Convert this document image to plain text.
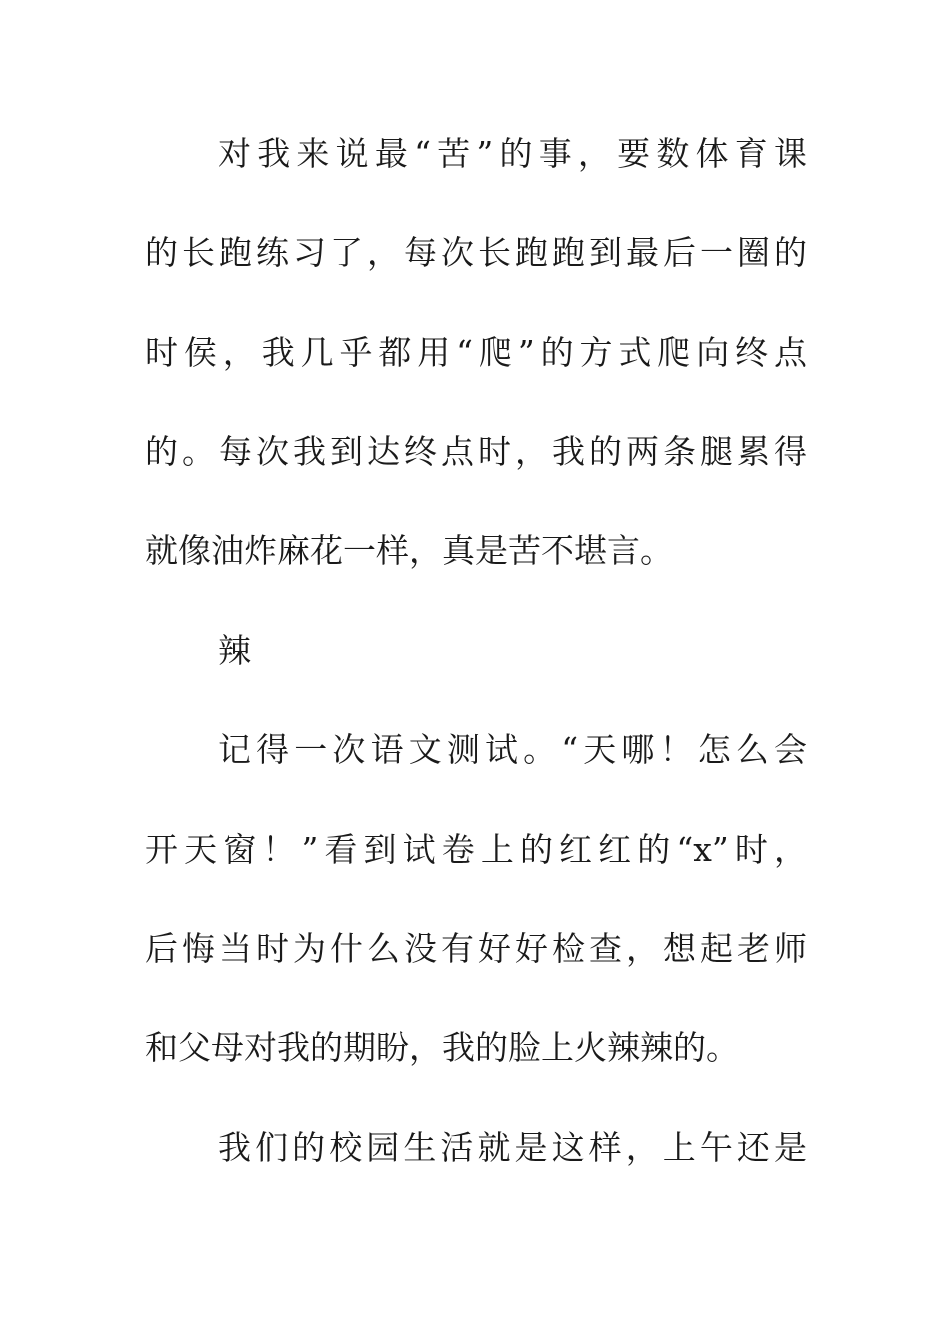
对我来说最“苦”的事，要数体育课
的长跑练习了，每次长跑跑到最后一圈的
时侯，我几乎都用“爬”的方式爬向终点
的。每次我到达终点时，我的两条腿累得
就像油炸麻花一样，真是苦不堪言。
辣
记得一次语文测试。“天哪！怎么会
开天窗！”看到试卷上的红红的“x”时，
后悔当时为什么没有好好检查，想起老师
和父母对我的期盼，我的脸上火辣辣的。
我们的校园生活就是这样，上午还是
